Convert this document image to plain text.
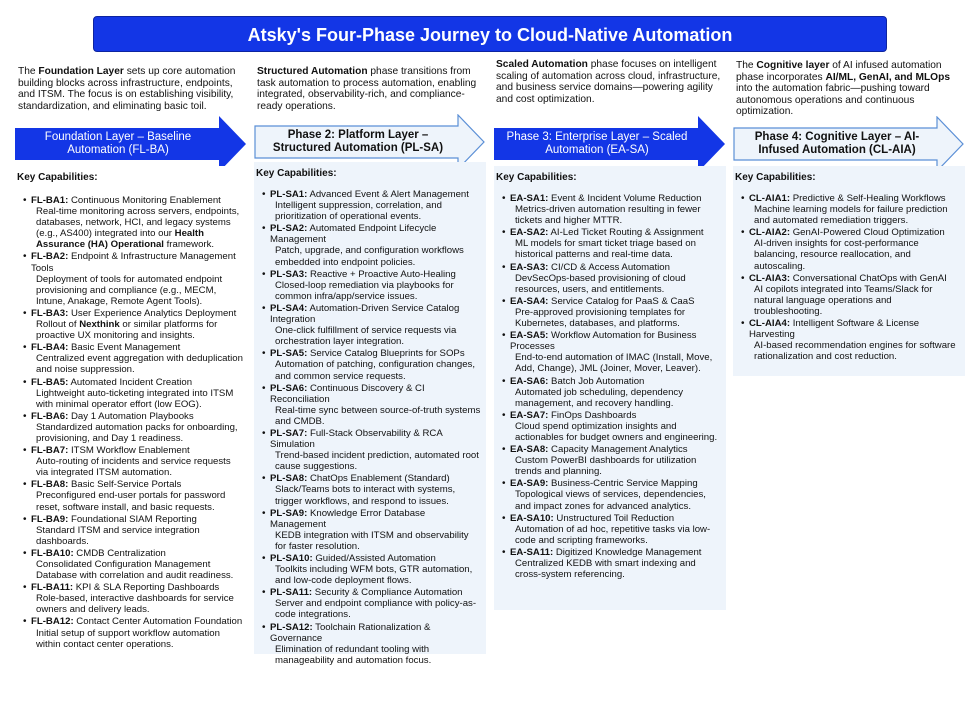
Atsky's Four-Phase Journey to Cloud-Native Automation
The Foundation Layer sets up core automation building blocks across infrastructure, endpoints, and ITSM. The focus is on establishing visibility, standardization, and eliminating basic toil.
Structured Automation phase transitions from task automation to process automation, enabling integrated, observability-rich, and compliance-ready operations.
Scaled Automation phase focuses on intelligent scaling of automation across cloud, infrastructure, and business service domains—powering agility and cost optimization.
The Cognitive layer of AI infused automation phase incorporates AI/ML, GenAI, and MLOps into the automation fabric—pushing toward autonomous operations and continuous optimization.
Foundation Layer – Baseline Automation (FL-BA)
Phase 2: Platform Layer – Structured Automation (PL-SA)
Phase 3: Enterprise Layer – Scaled Automation (EA-SA)
Phase 4: Cognitive Layer – AI-Infused Automation (CL-AIA)
Key Capabilities:
• FL-BA1: Continuous Monitoring Enablement
Real-time monitoring across servers, endpoints, databases, network, HCI, and legacy systems (e.g., AS400) integrated into our Health Assurance (HA) Operational framework.
• FL-BA2: Endpoint & Infrastructure Management Tools
Deployment of tools for automated endpoint provisioning and compliance (e.g., MECM, Intune, Anakage, Remote Agent Tools).
• FL-BA3: User Experience Analytics Deployment
Rollout of Nexthink or similar platforms for proactive UX monitoring and insights.
• FL-BA4: Basic Event Management
Centralized event aggregation with deduplication and noise suppression.
• FL-BA5: Automated Incident Creation
Lightweight auto-ticketing integrated into ITSM with minimal operator effort (low EOG).
• FL-BA6: Day 1 Automation Playbooks
Standardized automation packs for onboarding, provisioning, and Day 1 readiness.
• FL-BA7: ITSM Workflow Enablement
Auto-routing of incidents and service requests via integrated ITSM automation.
• FL-BA8: Basic Self-Service Portals
Preconfigured end-user portals for password reset, software install, and basic requests.
• FL-BA9: Foundational SIAM Reporting
Standard ITSM and service integration dashboards.
• FL-BA10: CMDB Centralization
Consolidated Configuration Management Database with correlation and audit readiness.
• FL-BA11: KPI & SLA Reporting Dashboards
Role-based, interactive dashboards for service owners and delivery leads.
• FL-BA12: Contact Center Automation Foundation
Initial setup of support workflow automation within contact center operations.
Key Capabilities:
• PL-SA1: Advanced Event & Alert Management
Intelligent suppression, correlation, and prioritization of operational events.
• PL-SA2: Automated Endpoint Lifecycle Management
Patch, upgrade, and configuration workflows embedded into endpoint policies.
• PL-SA3: Reactive + Proactive Auto-Healing
Closed-loop remediation via playbooks for common infra/app/service issues.
• PL-SA4: Automation-Driven Service Catalog Integration
One-click fulfillment of service requests via orchestration layer integration.
• PL-SA5: Service Catalog Blueprints for SOPs
Automation of patching, configuration changes, and common service requests.
• PL-SA6: Continuous Discovery & CI Reconciliation
Real-time sync between source-of-truth systems and CMDB.
• PL-SA7: Full-Stack Observability & RCA Simulation
Trend-based incident prediction, automated root cause suggestions.
• PL-SA8: ChatOps Enablement (Standard)
Slack/Teams bots to interact with systems, trigger workflows, and respond to issues.
• PL-SA9: Knowledge Error Database Management
KEDB integration with ITSM and observability for faster resolution.
• PL-SA10: Guided/Assisted Automation
Toolkits including WFM bots, GTR automation, and low-code deployment flows.
• PL-SA11: Security & Compliance Automation
Server and endpoint compliance with policy-as-code integrations.
• PL-SA12: Toolchain Rationalization & Governance
Elimination of redundant tooling with manageability and automation focus.
Key Capabilities:
• EA-SA1: Event & Incident Volume Reduction
Metrics-driven automation resulting in fewer tickets and higher MTTR.
• EA-SA2: AI-Led Ticket Routing & Assignment
ML models for smart ticket triage based on historical patterns and real-time data.
• EA-SA3: CI/CD & Access Automation
DevSecOps-based provisioning of cloud resources, users, and entitlements.
• EA-SA4: Service Catalog for PaaS & CaaS
Pre-approved provisioning templates for Kubernetes, databases, and platforms.
• EA-SA5: Workflow Automation for Business Processes
End-to-end automation of IMAC (Install, Move, Add, Change), JML (Joiner, Mover, Leaver).
• EA-SA6: Batch Job Automation
Automated job scheduling, dependency management, and recovery handling.
• EA-SA7: FinOps Dashboards
Cloud spend optimization insights and actionables for budget owners and engineering.
• EA-SA8: Capacity Management Analytics
Custom PowerBI dashboards for utilization trends and planning.
• EA-SA9: Business-Centric Service Mapping
Topological views of services, dependencies, and impact zones for advanced analytics.
• EA-SA10: Unstructured Toil Reduction
Automation of ad hoc, repetitive tasks via low-code and scripting frameworks.
• EA-SA11: Digitized Knowledge Management
Centralized KEDB with smart indexing and cross-system referencing.
Key Capabilities:
• CL-AIA1: Predictive & Self-Healing Workflows
Machine learning models for failure prediction and automated remediation triggers.
• CL-AIA2: GenAI-Powered Cloud Optimization
AI-driven insights for cost-performance balancing, resource reallocation, and autoscaling.
• CL-AIA3: Conversational ChatOps with GenAI
AI copilots integrated into Teams/Slack for natural language operations and troubleshooting.
• CL-AIA4: Intelligent Software & License Harvesting
AI-based recommendation engines for software rationalization and cost reduction.
